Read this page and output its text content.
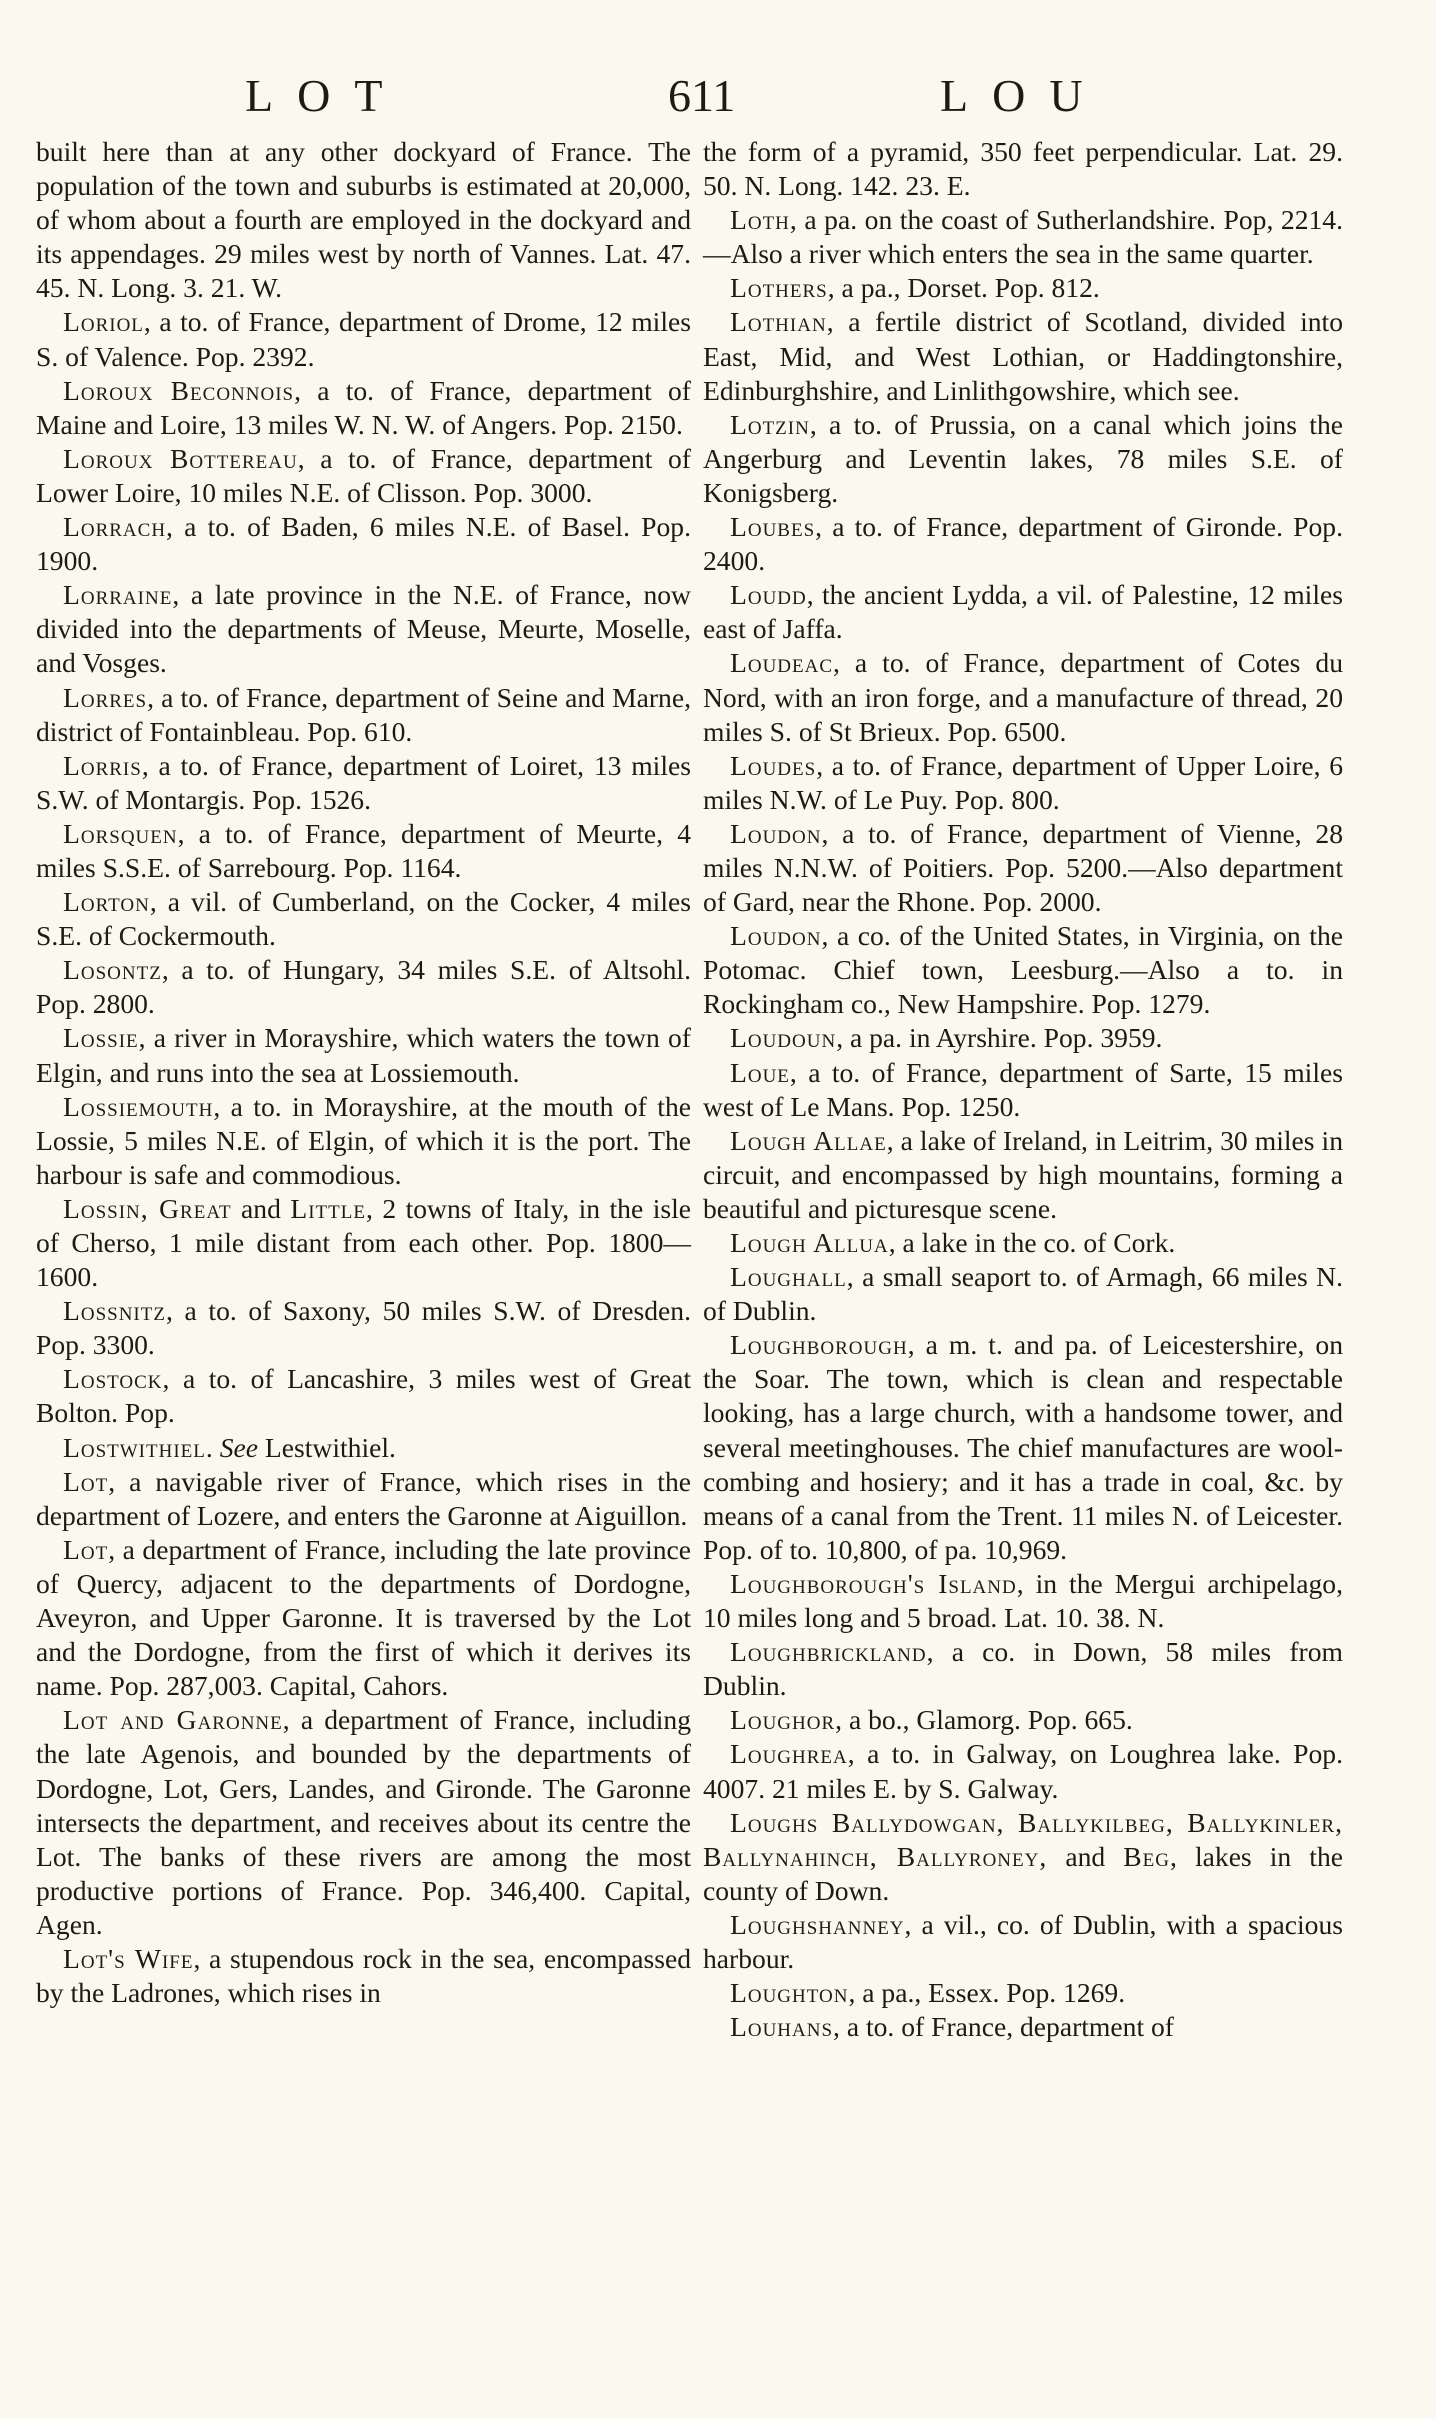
LOT	611	LOU
built here than at any other dockyard of France. The population of the town and suburbs is estimated at 20,000, of whom about a fourth are employed in the dockyard and its appendages. 29 miles west by north of Vannes. Lat. 47. 45. N. Long. 3. 21. W.
Loriol, a to. of France, department of Drome, 12 miles S. of Valence. Pop. 2392.
Loroux Beconnois, a to. of France, department of Maine and Loire, 13 miles W. N. W. of Angers. Pop. 2150.
Loroux Bottereau, a to. of France, department of Lower Loire, 10 miles N.E. of Clisson. Pop. 3000.
Lorrach, a to. of Baden, 6 miles N.E. of Basel. Pop. 1900.
Lorraine, a late province in the N.E. of France, now divided into the departments of Meuse, Meurte, Moselle, and Vosges.
Lorres, a to. of France, department of Seine and Marne, district of Fontainbleau. Pop. 610.
Lorris, a to. of France, department of Loiret, 13 miles S.W. of Montargis. Pop. 1526.
Lorsquen, a to. of France, department of Meurte, 4 miles S.S.E. of Sarrebourg. Pop. 1164.
Lorton, a vil. of Cumberland, on the Cocker, 4 miles S.E. of Cockermouth.
Losontz, a to. of Hungary, 34 miles S.E. of Altsohl. Pop. 2800.
Lossie, a river in Morayshire, which waters the town of Elgin, and runs into the sea at Lossiemouth.
Lossiemouth, a to. in Morayshire, at the mouth of the Lossie, 5 miles N.E. of Elgin, of which it is the port. The harbour is safe and commodious.
Lossin, Great and Little, 2 towns of Italy, in the isle of Cherso, 1 mile distant from each other. Pop. 1800—1600.
Lossnitz, a to. of Saxony, 50 miles S.W. of Dresden. Pop. 3300.
Lostock, a to. of Lancashire, 3 miles west of Great Bolton. Pop.
Lostwithiel. See Lestwithiel.
Lot, a navigable river of France, which rises in the department of Lozere, and enters the Garonne at Aiguillon.
Lot, a department of France, including the late province of Quercy, adjacent to the departments of Dordogne, Aveyron, and Upper Garonne. It is traversed by the Lot and the Dordogne, from the first of which it derives its name. Pop. 287,003. Capital, Cahors.
Lot and Garonne, a department of France, including the late Agenois, and bounded by the departments of Dordogne, Lot, Gers, Landes, and Gironde. The Garonne intersects the department, and receives about its centre the Lot. The banks of these rivers are among the most productive portions of France. Pop. 346,400. Capital, Agen.
Lot's Wife, a stupendous rock in the sea, encompassed by the Ladrones, which rises in
the form of a pyramid, 350 feet perpendicular. Lat. 29. 50. N. Long. 142. 23. E.
Loth, a pa. on the coast of Sutherlandshire. Pop, 2214.—Also a river which enters the sea in the same quarter.
Lothers, a pa., Dorset. Pop. 812.
Lothian, a fertile district of Scotland, divided into East, Mid, and West Lothian, or Haddingtonshire, Edinburghshire, and Linlithgowshire, which see.
Lotzin, a to. of Prussia, on a canal which joins the Angerburg and Leventin lakes, 78 miles S.E. of Konigsberg.
Loubes, a to. of France, department of Gironde. Pop. 2400.
Loudd, the ancient Lydda, a vil. of Palestine, 12 miles east of Jaffa.
Loudeac, a to. of France, department of Cotes du Nord, with an iron forge, and a manufacture of thread, 20 miles S. of St Brieux. Pop. 6500.
Loudes, a to. of France, department of Upper Loire, 6 miles N.W. of Le Puy. Pop. 800.
Loudon, a to. of France, department of Vienne, 28 miles N.N.W. of Poitiers. Pop. 5200.—Also department of Gard, near the Rhone. Pop. 2000.
Loudon, a co. of the United States, in Virginia, on the Potomac. Chief town, Leesburg.—Also a to. in Rockingham co., New Hampshire. Pop. 1279.
Loudoun, a pa. in Ayrshire. Pop. 3959.
Loue, a to. of France, department of Sarte, 15 miles west of Le Mans. Pop. 1250.
Lough Allae, a lake of Ireland, in Leitrim, 30 miles in circuit, and encompassed by high mountains, forming a beautiful and picturesque scene.
Lough Allua, a lake in the co. of Cork.
Loughall, a small seaport to. of Armagh, 66 miles N. of Dublin.
Loughborough, a m. t. and pa. of Leicestershire, on the Soar. The town, which is clean and respectable looking, has a large church, with a handsome tower, and several meetinghouses. The chief manufactures are wool-combing and hosiery; and it has a trade in coal, &c. by means of a canal from the Trent. 11 miles N. of Leicester. Pop. of to. 10,800, of pa. 10,969.
Loughborough's Island, in the Mergui archipelago, 10 miles long and 5 broad. Lat. 10. 38. N.
Loughbrickland, a co. in Down, 58 miles from Dublin.
Loughor, a bo., Glamorg. Pop. 665.
Loughrea, a to. in Galway, on Loughrea lake. Pop. 4007. 21 miles E. by S. Galway.
Loughs Ballydowgan, Ballykilbeg, Ballykinler, Ballynahinch, Ballyroney, and Beg, lakes in the county of Down.
Loughshanney, a vil., co. of Dublin, with a spacious harbour.
Loughton, a pa., Essex. Pop. 1269.
Louhans, a to. of France, department of
